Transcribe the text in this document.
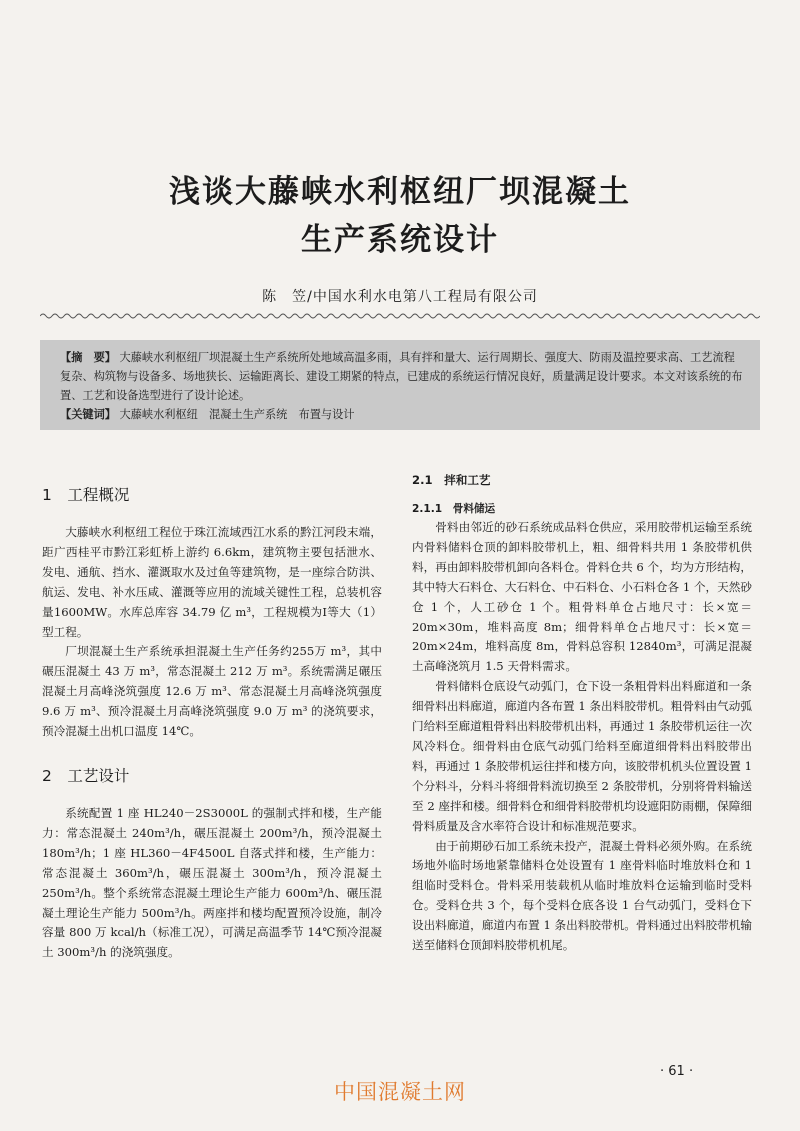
浅谈大藤峡水利枢纽厂坝混凝土
生产系统设计
陈　笠/中国水利水电第八工程局有限公司

【摘　要】 大藤峡水利枢纽厂坝混凝土生产系统所处地域高温多雨，具有拌和量大、运行周期长、强度大、防雨及温控要求高、工艺流程复杂、构筑物与设备多、场地狭长、运输距离长、建设工期紧的特点，已建成的系统运行情况良好，质量满足设计要求。本文对该系统的布置、工艺和设备选型进行了设计论述。

【关键词】 大藤峡水利枢纽　混凝土生产系统　布置与设计

1　工程概况

大藤峡水利枢纽工程位于珠江流域西江水系的黔江河段末端，距广西桂平市黔江彩虹桥上游约 6.6km，建筑物主要包括泄水、发电、通航、挡水、灌溉取水及过鱼等建筑物，是一座综合防洪、航运、发电、补水压咸、灌溉等应用的流域关键性工程，总装机容量1600MW。水库总库容 34.79 亿 m³，工程规模为Ⅰ等大（1）型工程。

厂坝混凝土生产系统承担混凝土生产任务约255万 m³，其中碾压混凝土 43 万 m³，常态混凝土 212 万 m³。系统需满足碾压混凝土月高峰浇筑强度 12.6 万 m³、常态混凝土月高峰浇筑强度 9.6 万 m³、预冷混凝土月高峰浇筑强度 9.0 万 m³ 的浇筑要求，预冷混凝土出机口温度 14℃。

2　工艺设计

系统配置 1 座 HL240－2S3000L 的强制式拌和楼，生产能力：常态混凝土 240m³/h，碾压混凝土 200m³/h，预冷混凝土 180m³/h；1 座 HL360－4F4500L 自落式拌和楼，生产能力：常态混凝土 360m³/h，碾压混凝土 300m³/h，预冷混凝土 250m³/h。整个系统常态混凝土理论生产能力 600m³/h、碾压混凝土理论生产能力 500m³/h。两座拌和楼均配置预冷设施，制冷容量 800 万 kcal/h（标准工况），可满足高温季节 14℃预冷混凝土 300m³/h 的浇筑强度。

2.1　拌和工艺
2.1.1　骨料储运

骨料由邻近的砂石系统成品料仓供应，采用胶带机运输至系统内骨料储料仓顶的卸料胶带机上，粗、细骨料共用 1 条胶带机供料，再由卸料胶带机卸向各料仓。骨料仓共 6 个，均为方形结构，其中特大石料仓、大石料仓、中石料仓、小石料仓各 1 个，天然砂仓 1 个，人工砂仓 1 个。粗骨料单仓占地尺寸：长×宽＝20m×30m，堆料高度 8m；细骨料单仓占地尺寸：长×宽＝20m×24m，堆料高度 8m，骨料总容积 12840m³，可满足混凝土高峰浇筑月 1.5 天骨料需求。

骨料储料仓底设气动弧门，仓下设一条粗骨料出料廊道和一条细骨料出料廊道，廊道内各布置 1 条出料胶带机。粗骨料由气动弧门给料至廊道粗骨料出料胶带机出料，再通过 1 条胶带机运往一次风冷料仓。细骨料由仓底气动弧门给料至廊道细骨料出料胶带出料，再通过 1 条胶带机运往拌和楼方向，该胶带机机头位置设置 1 个分料斗，分料斗将细骨料流切换至 2 条胶带机，分别将骨料输送至 2 座拌和楼。细骨料仓和细骨料胶带机均设遮阳防雨棚，保障细骨料质量及含水率符合设计和标准规范要求。

由于前期砂石加工系统未投产，混凝土骨料必须外购。在系统场地外临时场地紧靠储料仓处设置有 1 座骨料临时堆放料仓和 1 组临时受料仓。骨料采用装载机从临时堆放料仓运输到临时受料仓。受料仓共 3 个，每个受料仓底各设 1 台气动弧门，受料仓下设出料廊道，廊道内布置 1 条出料胶带机。骨料通过出料胶带机输送至储料仓顶卸料胶带机机尾。

· 61 ·
中国混凝土网
